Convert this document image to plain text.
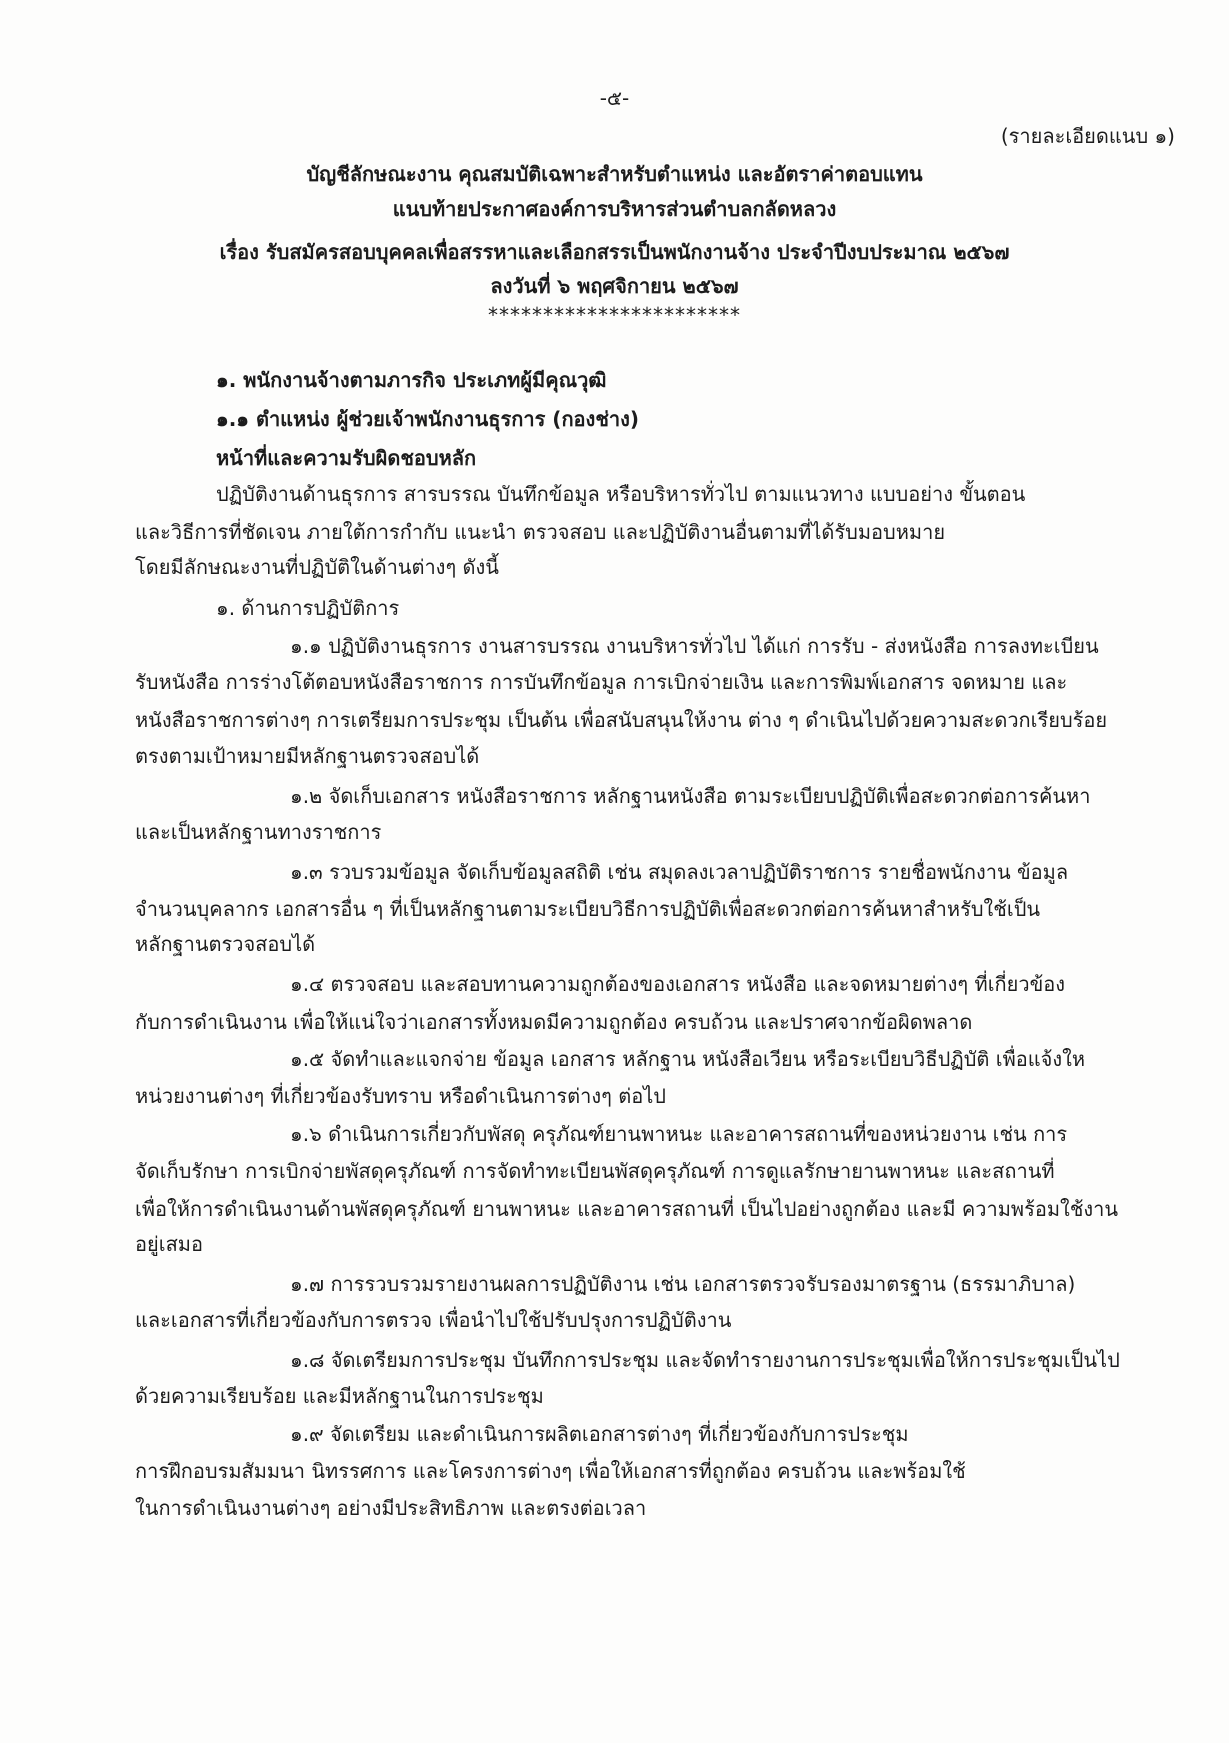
-๕-
(รายละเอียดแนบ ๑)
บัญชีลักษณะงาน คุณสมบัติเฉพาะสำหรับตำแหน่ง และอัตราค่าตอบแทน
แนบท้ายประกาศองค์การบริหารส่วนตำบลกลัดหลวง
เรื่อง รับสมัครสอบบุคคลเพื่อสรรหาและเลือกสรรเป็นพนักงานจ้าง ประจำปีงบประมาณ ๒๕๖๗
ลงวันที่ ๖ พฤศจิกายน ๒๕๖๗
***********************
๑. พนักงานจ้างตามภารกิจ ประเภทผู้มีคุณวุฒิ
๑.๑ ตำแหน่ง ผู้ช่วยเจ้าพนักงานธุรการ (กองช่าง)
หน้าที่และความรับผิดชอบหลัก
ปฏิบัติงานด้านธุรการ สารบรรณ บันทึกข้อมูล หรือบริหารทั่วไป ตามแนวทาง แบบอย่าง ขั้นตอน
และวิธีการที่ชัดเจน ภายใต้การกำกับ แนะนำ ตรวจสอบ และปฏิบัติงานอื่นตามที่ได้รับมอบหมาย
โดยมีลักษณะงานที่ปฏิบัติในด้านต่างๆ ดังนี้
๑. ด้านการปฏิบัติการ
๑.๑ ปฏิบัติงานธุรการ งานสารบรรณ งานบริหารทั่วไป ได้แก่ การรับ - ส่งหนังสือ การลงทะเบียน
รับหนังสือ การร่างโต้ตอบหนังสือราชการ การบันทึกข้อมูล การเบิกจ่ายเงิน และการพิมพ์เอกสาร จดหมาย และ
หนังสือราชการต่างๆ การเตรียมการประชุม เป็นต้น เพื่อสนับสนุนให้งาน ต่าง ๆ ดำเนินไปด้วยความสะดวกเรียบร้อย
ตรงตามเป้าหมายมีหลักฐานตรวจสอบได้
๑.๒ จัดเก็บเอกสาร หนังสือราชการ หลักฐานหนังสือ ตามระเบียบปฏิบัติเพื่อสะดวกต่อการค้นหา
และเป็นหลักฐานทางราชการ
๑.๓ รวบรวมข้อมูล จัดเก็บข้อมูลสถิติ เช่น สมุดลงเวลาปฏิบัติราชการ รายชื่อพนักงาน ข้อมูล
จำนวนบุคลากร เอกสารอื่น ๆ ที่เป็นหลักฐานตามระเบียบวิธีการปฏิบัติเพื่อสะดวกต่อการค้นหาสำหรับใช้เป็น
หลักฐานตรวจสอบได้
๑.๔ ตรวจสอบ และสอบทานความถูกต้องของเอกสาร หนังสือ และจดหมายต่างๆ ที่เกี่ยวข้อง
กับการดำเนินงาน เพื่อให้แน่ใจว่าเอกสารทั้งหมดมีความถูกต้อง ครบถ้วน และปราศจากข้อผิดพลาด
๑.๕ จัดทำและแจกจ่าย ข้อมูล เอกสาร หลักฐาน หนังสือเวียน หรือระเบียบวิธีปฏิบัติ เพื่อแจ้งให
หน่วยงานต่างๆ ที่เกี่ยวข้องรับทราบ หรือดำเนินการต่างๆ ต่อไป
๑.๖ ดำเนินการเกี่ยวกับพัสดุ ครุภัณฑ์ยานพาหนะ และอาคารสถานที่ของหน่วยงาน เช่น การ
จัดเก็บรักษา การเบิกจ่ายพัสดุครุภัณฑ์ การจัดทำทะเบียนพัสดุครุภัณฑ์ การดูแลรักษายานพาหนะ และสถานที่
เพื่อให้การดำเนินงานด้านพัสดุครุภัณฑ์ ยานพาหนะ และอาคารสถานที่ เป็นไปอย่างถูกต้อง และมี ความพร้อมใช้งาน
อยู่เสมอ
๑.๗ การรวบรวมรายงานผลการปฏิบัติงาน เช่น เอกสารตรวจรับรองมาตรฐาน (ธรรมาภิบาล)
และเอกสารที่เกี่ยวข้องกับการตรวจ เพื่อนำไปใช้ปรับปรุงการปฏิบัติงาน
๑.๘ จัดเตรียมการประชุม บันทึกการประชุม และจัดทำรายงานการประชุมเพื่อให้การประชุมเป็นไป
ด้วยความเรียบร้อย และมีหลักฐานในการประชุม
๑.๙ จัดเตรียม และดำเนินการผลิตเอกสารต่างๆ ที่เกี่ยวข้องกับการประชุม
การฝึกอบรมสัมมนา นิทรรศการ และโครงการต่างๆ เพื่อให้เอกสารที่ถูกต้อง ครบถ้วน และพร้อมใช้
ในการดำเนินงานต่างๆ อย่างมีประสิทธิภาพ และตรงต่อเวลา
